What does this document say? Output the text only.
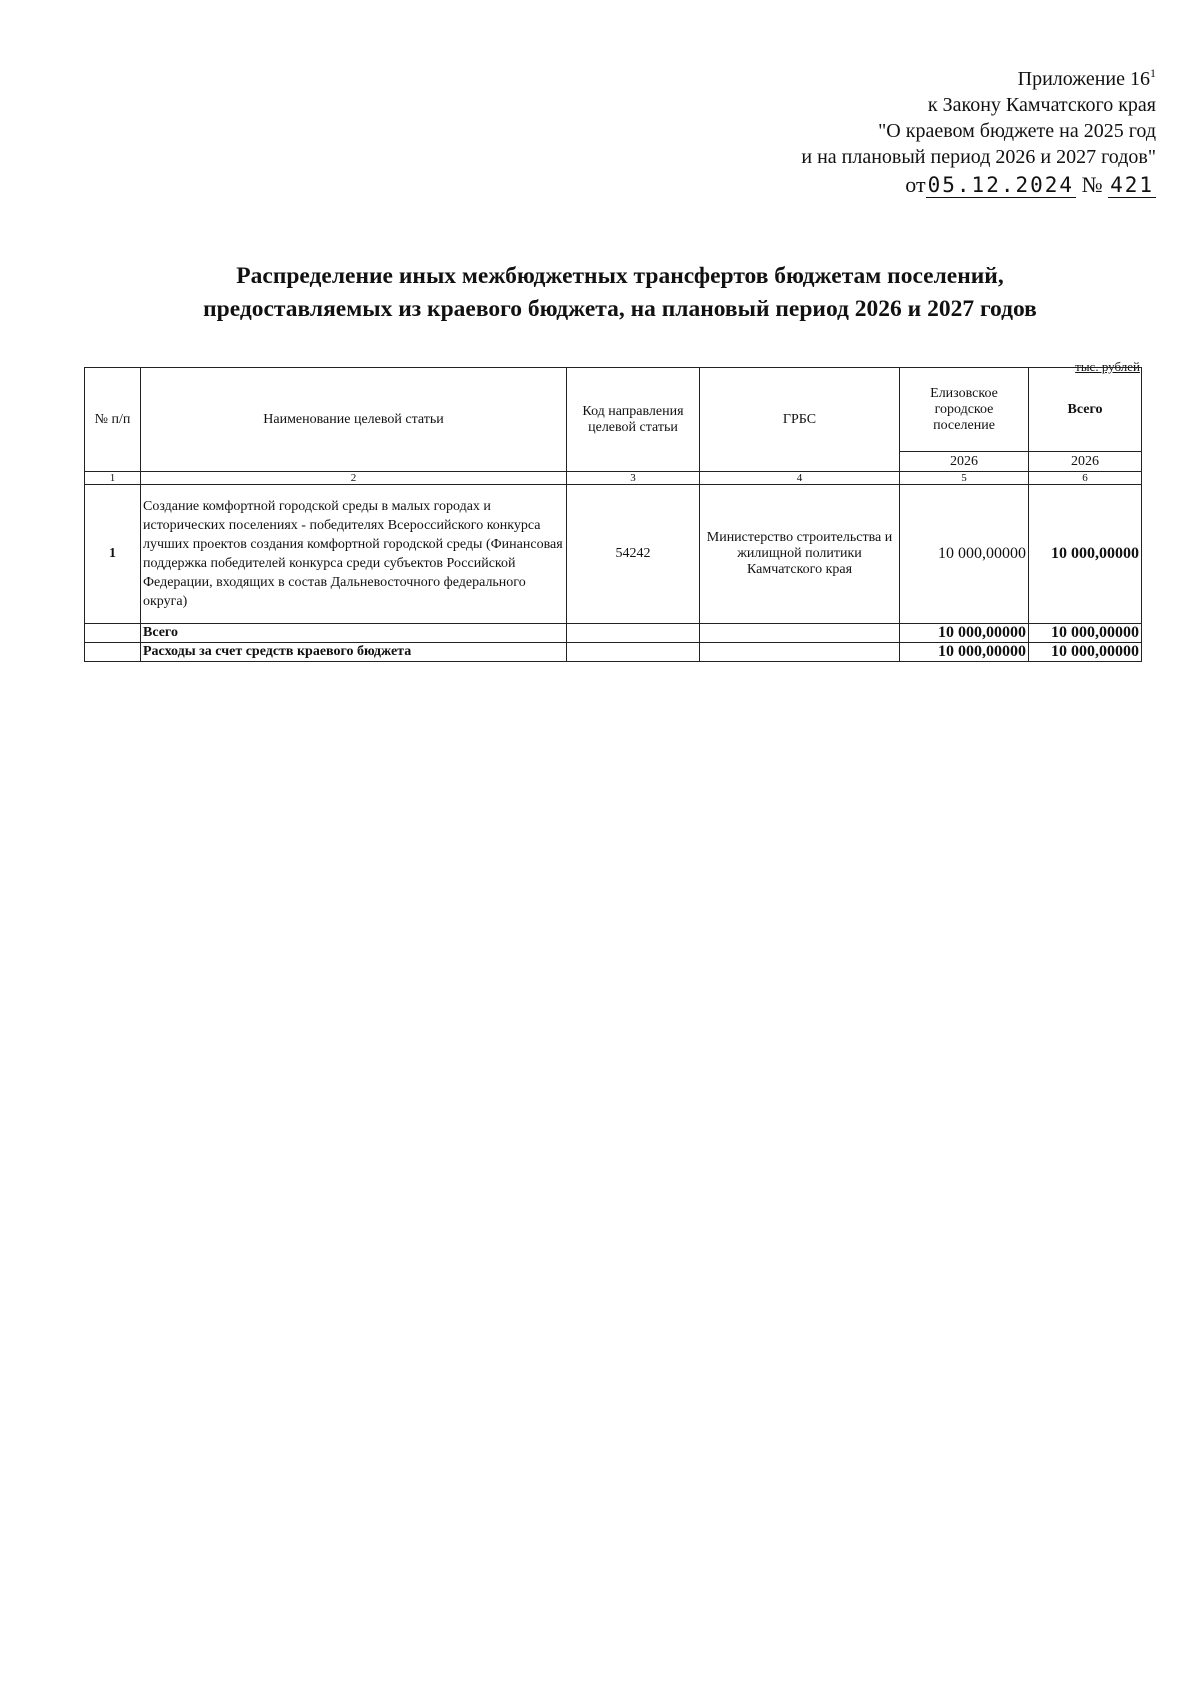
Приложение $16^1$
к Закону Камчатского края
"О краевом бюджете на 2025 год
и на плановый период 2026 и 2027 годов"
от05.12.2024 № 421
Распределение иных межбюджетных трансфертов бюджетам поселений,
предоставляемых из краевого бюджета, на плановый период 2026 и 2027 годов
тыс. рублей
№ п/п	Наименование целевой статьи	Код направления целевой статьи	ГРБС	Елизовское городское поселение	Всего
				2026	2026
1	2	3	4	5	6
1	Создание комфортной городской среды в малых городах и исторических поселениях - победителях Всероссийского конкурса лучших проектов создания комфортной городской среды (Финансовая поддержка победителей конкурса среди субъектов Российской Федерации, входящих в состав Дальневосточного федерального округа)	54242	Министерство строительства и жилищной политики Камчатского края	10 000,00000	10 000,00000
	Всего			10 000,00000	10 000,00000
	Расходы за счет средств краевого бюджета			10 000,00000	10 000,00000
